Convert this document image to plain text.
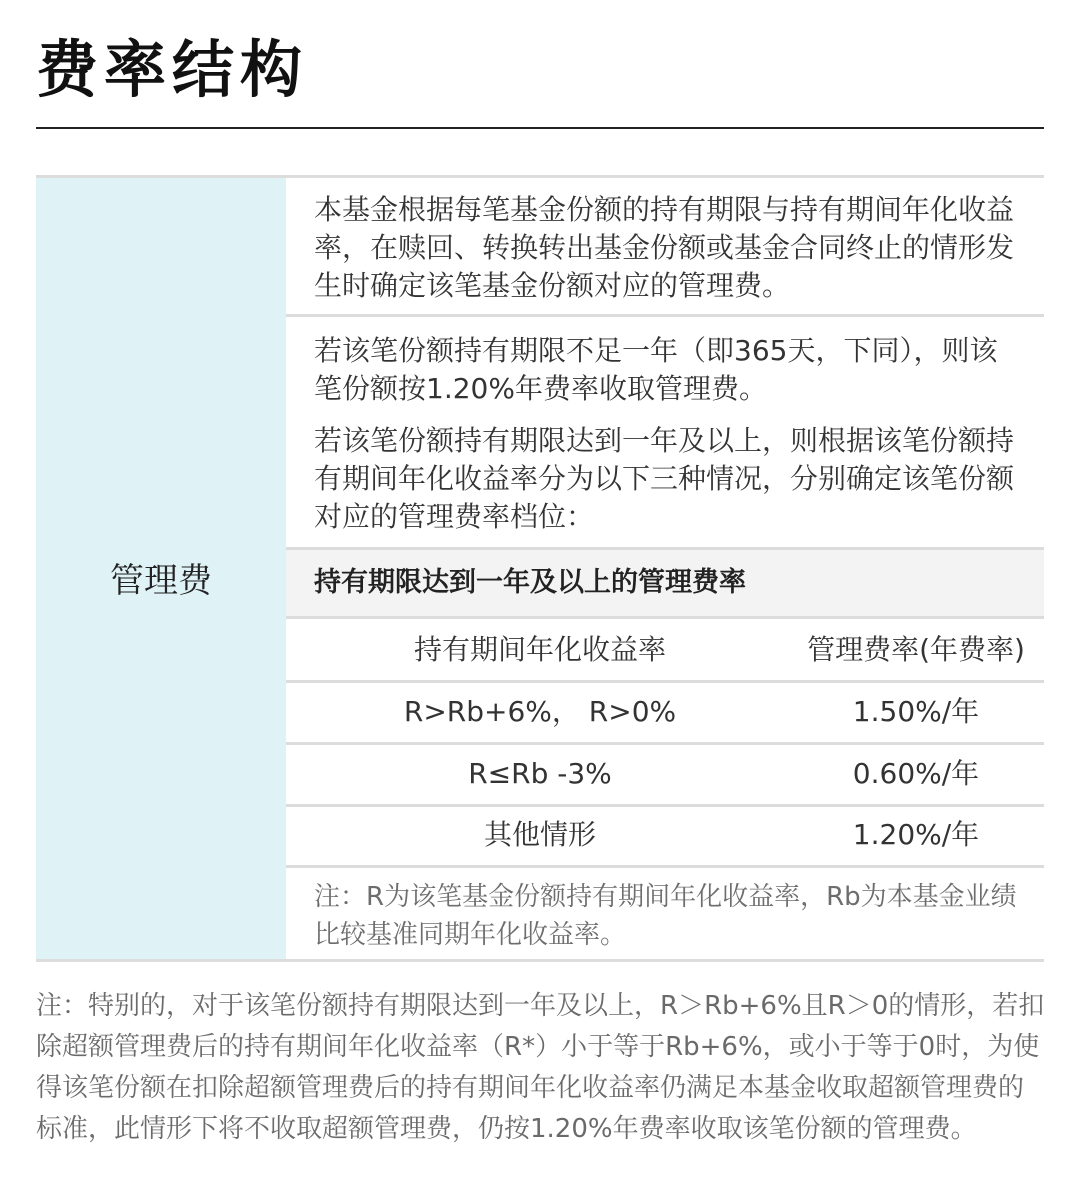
费率结构
管理费
本基金根据每笔基金份额的持有期限与持有期间年化收益率，在赎回、转换转出基金份额或基金合同终止的情形发生时确定该笔基金份额对应的管理费。
若该笔份额持有期限不足一年（即365天，下同），则该笔份额按1.20%年费率收取管理费。
若该笔份额持有期限达到一年及以上，则根据该笔份额持有期间年化收益率分为以下三种情况，分别确定该笔份额对应的管理费率档位：
持有期限达到一年及以上的管理费率
持有期间年化收益率	管理费率(年费率)
R>Rb+6%， R>0%	1.50%/年
R≤Rb -3%	0.60%/年
其他情形	1.20%/年
注：R为该笔基金份额持有期间年化收益率，Rb为本基金业绩比较基准同期年化收益率。
注：特别的，对于该笔份额持有期限达到一年及以上，R＞Rb+6%且R＞0的情形，若扣除超额管理费后的持有期间年化收益率（R*）小于等于Rb+6%，或小于等于0时，为使得该笔份额在扣除超额管理费后的持有期间年化收益率仍满足本基金收取超额管理费的标准，此情形下将不收取超额管理费，仍按1.20%年费率收取该笔份额的管理费。
